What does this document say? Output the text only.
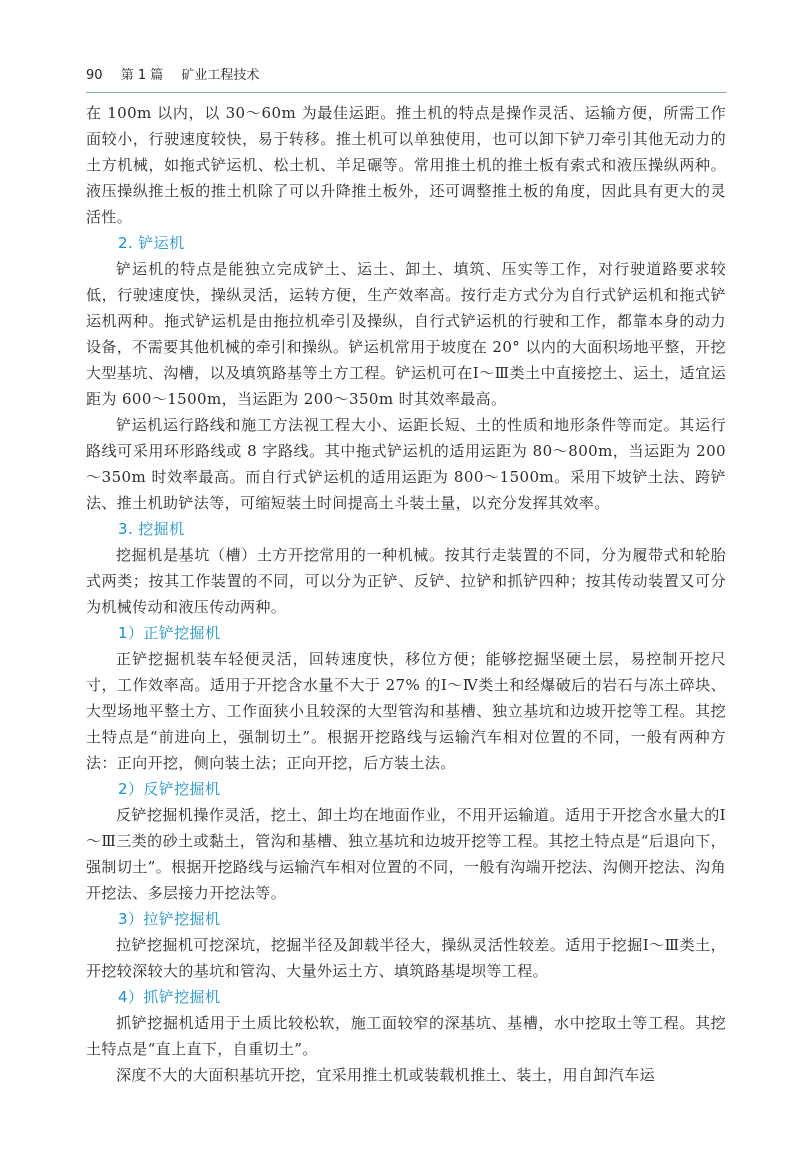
90 第 1 篇 矿业工程技术

在 100m 以内，以 30～60m 为最佳运距。推土机的特点是操作灵活、运输方便，所需工作面较小，行驶速度较快，易于转移。推土机可以单独使用，也可以卸下铲刀牵引其他无动力的土方机械，如拖式铲运机、松土机、羊足碾等。常用推土机的推土板有索式和液压操纵两种。液压操纵推土板的推土机除了可以升降推土板外，还可调整推土板的角度，因此具有更大的灵活性。

2. 铲运机

铲运机的特点是能独立完成铲土、运土、卸土、填筑、压实等工作，对行驶道路要求较低，行驶速度快，操纵灵活，运转方便，生产效率高。按行走方式分为自行式铲运机和拖式铲运机两种。拖式铲运机是由拖拉机牵引及操纵，自行式铲运机的行驶和工作，都靠本身的动力设备，不需要其他机械的牵引和操纵。铲运机常用于坡度在 20° 以内的大面积场地平整，开挖大型基坑、沟槽，以及填筑路基等土方工程。铲运机可在Ⅰ～Ⅲ类土中直接挖土、运土，适宜运距为 600～1500m，当运距为 200～350m 时其效率最高。

铲运机运行路线和施工方法视工程大小、运距长短、土的性质和地形条件等而定。其运行路线可采用环形路线或 8 字路线。其中拖式铲运机的适用运距为 80～800m，当运距为 200～350m 时效率最高。而自行式铲运机的适用运距为 800～1500m。采用下坡铲土法、跨铲法、推土机助铲法等，可缩短装土时间提高土斗装土量，以充分发挥其效率。

3. 挖掘机

挖掘机是基坑（槽）土方开挖常用的一种机械。按其行走装置的不同，分为履带式和轮胎式两类；按其工作装置的不同，可以分为正铲、反铲、拉铲和抓铲四种；按其传动装置又可分为机械传动和液压传动两种。

1）正铲挖掘机

正铲挖掘机装车轻便灵活，回转速度快，移位方便；能够挖掘坚硬土层，易控制开挖尺寸，工作效率高。适用于开挖含水量不大于 27% 的Ⅰ～Ⅳ类土和经爆破后的岩石与冻土碎块、大型场地平整土方、工作面狭小且较深的大型管沟和基槽、独立基坑和边坡开挖等工程。其挖土特点是“前进向上，强制切土”。根据开挖路线与运输汽车相对位置的不同，一般有两种方法：正向开挖，侧向装土法；正向开挖，后方装土法。

2）反铲挖掘机

反铲挖掘机操作灵活，挖土、卸土均在地面作业，不用开运输道。适用于开挖含水量大的Ⅰ～Ⅲ三类的砂土或黏土，管沟和基槽、独立基坑和边坡开挖等工程。其挖土特点是“后退向下，强制切土”。根据开挖路线与运输汽车相对位置的不同，一般有沟端开挖法、沟侧开挖法、沟角开挖法、多层接力开挖法等。

3）拉铲挖掘机

拉铲挖掘机可挖深坑，挖掘半径及卸载半径大，操纵灵活性较差。适用于挖掘Ⅰ～Ⅲ类土，开挖较深较大的基坑和管沟、大量外运土方、填筑路基堤坝等工程。

4）抓铲挖掘机

抓铲挖掘机适用于土质比较松软，施工面较窄的深基坑、基槽，水中挖取土等工程。其挖土特点是“直上直下，自重切土”。

深度不大的大面积基坑开挖，宜采用推土机或装载机推土、装土，用自卸汽车运
